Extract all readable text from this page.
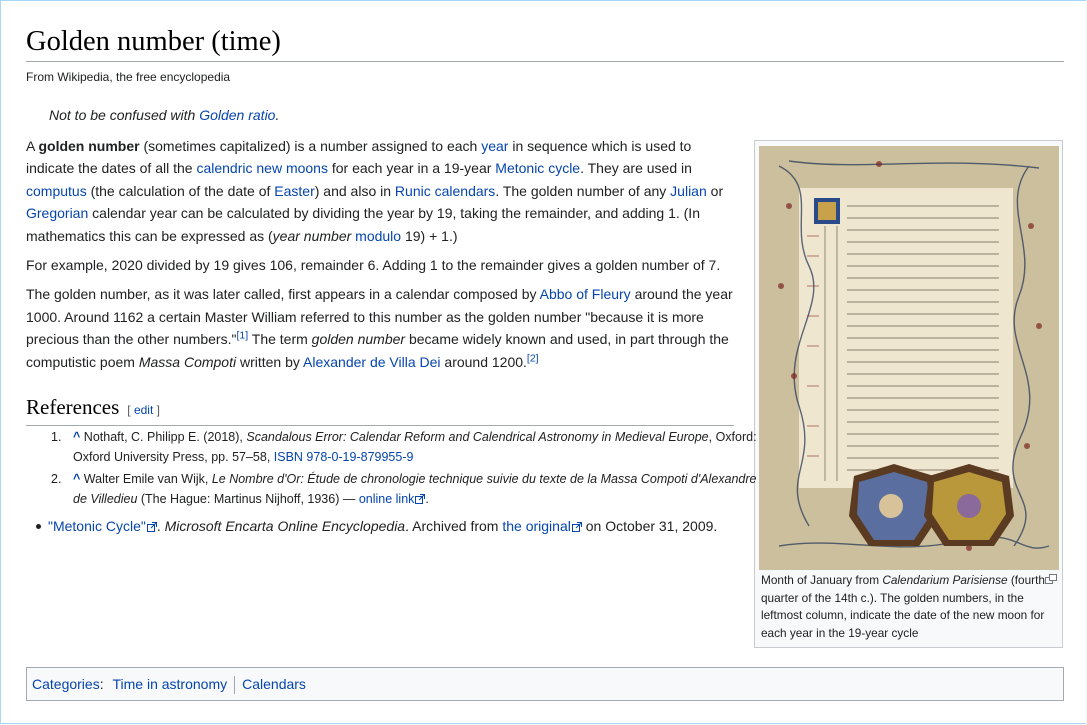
Golden number (time)
From Wikipedia, the free encyclopedia
Not to be confused with Golden ratio.

A golden number (sometimes capitalized) is a number assigned to each year in sequence which is used to indicate the dates of all the calendric new moons for each year in a 19-year Metonic cycle. They are used in computus (the calculation of the date of Easter) and also in Runic calendars. The golden number of any Julian or Gregorian calendar year can be calculated by dividing the year by 19, taking the remainder, and adding 1. (In mathematics this can be expressed as (year number modulo 19) + 1.)

For example, 2020 divided by 19 gives 106, remainder 6. Adding 1 to the remainder gives a golden number of 7.

The golden number, as it was later called, first appears in a calendar composed by Abbo of Fleury around the year 1000. Around 1162 a certain Master William referred to this number as the golden number "because it is more precious than the other numbers."[1] The term golden number became widely known and used, in part through the computistic poem Massa Compoti written by Alexander de Villa Dei around 1200.[2]

Month of January from Calendarium Parisiense (fourth quarter of the 14th c.). The golden numbers, in the leftmost column, indicate the date of the new moon for each year in the 19-year cycle
References [ edit ]
1. ^ Nothaft, C. Philipp E. (2018), Scandalous Error: Calendar Reform and Calendrical Astronomy in Medieval Europe, Oxford: Oxford University Press, pp. 57–58, ISBN 978-0-19-879955-9
2. ^ Walter Emile van Wijk, Le Nombre d'Or: Étude de chronologie technique suivie du texte de la Massa Compoti d'Alexandre de Villedieu (The Hague: Martinus Nijhoff, 1936) — online link .
"Metonic Cycle" . Microsoft Encarta Online Encyclopedia. Archived from the original on October 31, 2009.
Categories: Time in astronomy Calendars
